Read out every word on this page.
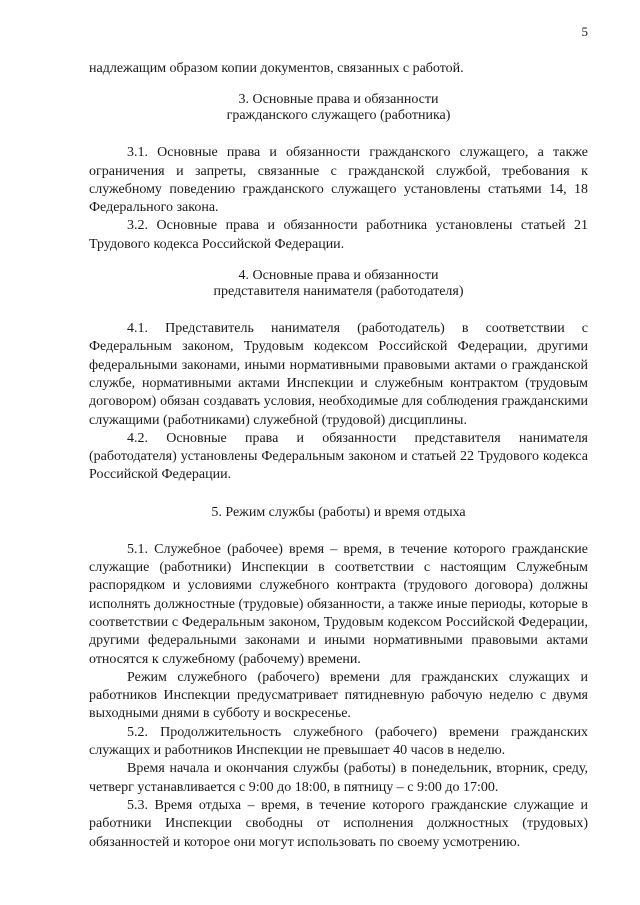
5

надлежащим образом копии документов, связанных с работой.

3. Основные права и обязанности

гражданского служащего (работника)

3.1. Основные права и обязанности гражданского служащего, а также ограничения и запреты, связанные с гражданской службой, требования к служебному поведению гражданского служащего установлены статьями 14, 18 Федерального закона.

3.2. Основные права и обязанности работника установлены статьей 21 Трудового кодекса Российской Федерации.

4. Основные права и обязанности

представителя нанимателя (работодателя)

4.1. Представитель нанимателя (работодатель) в соответствии с Федеральным законом, Трудовым кодексом Российской Федерации, другими федеральными законами, иными нормативными правовыми актами о гражданской службе, нормативными актами Инспекции и служебным контрактом (трудовым договором) обязан создавать условия, необходимые для соблюдения гражданскими служащими (работниками) служебной (трудовой) дисциплины.

4.2. Основные права и обязанности представителя нанимателя (работодателя) установлены Федеральным законом и статьей 22 Трудового кодекса Российской Федерации.

5. Режим службы (работы) и время отдыха

5.1. Служебное (рабочее) время – время, в течение которого гражданские служащие (работники) Инспекции в соответствии с настоящим Служебным распорядком и условиями служебного контракта (трудового договора) должны исполнять должностные (трудовые) обязанности, а также иные периоды, которые в соответствии с Федеральным законом, Трудовым кодексом Российской Федерации, другими федеральными законами и иными нормативными правовыми актами относятся к служебному (рабочему) времени.

Режим служебного (рабочего) времени для гражданских служащих и работников Инспекции предусматривает пятидневную рабочую неделю с двумя выходными днями в субботу и воскресенье.

5.2. Продолжительность служебного (рабочего) времени гражданских служащих и работников Инспекции не превышает 40 часов в неделю.

Время начала и окончания службы (работы) в понедельник, вторник, среду, четверг устанавливается с 9:00 до 18:00, в пятницу – с 9:00 до 17:00.

5.3. Время отдыха – время, в течение которого гражданские служащие и работники Инспекции свободны от исполнения должностных (трудовых) обязанностей и которое они могут использовать по своему усмотрению.
